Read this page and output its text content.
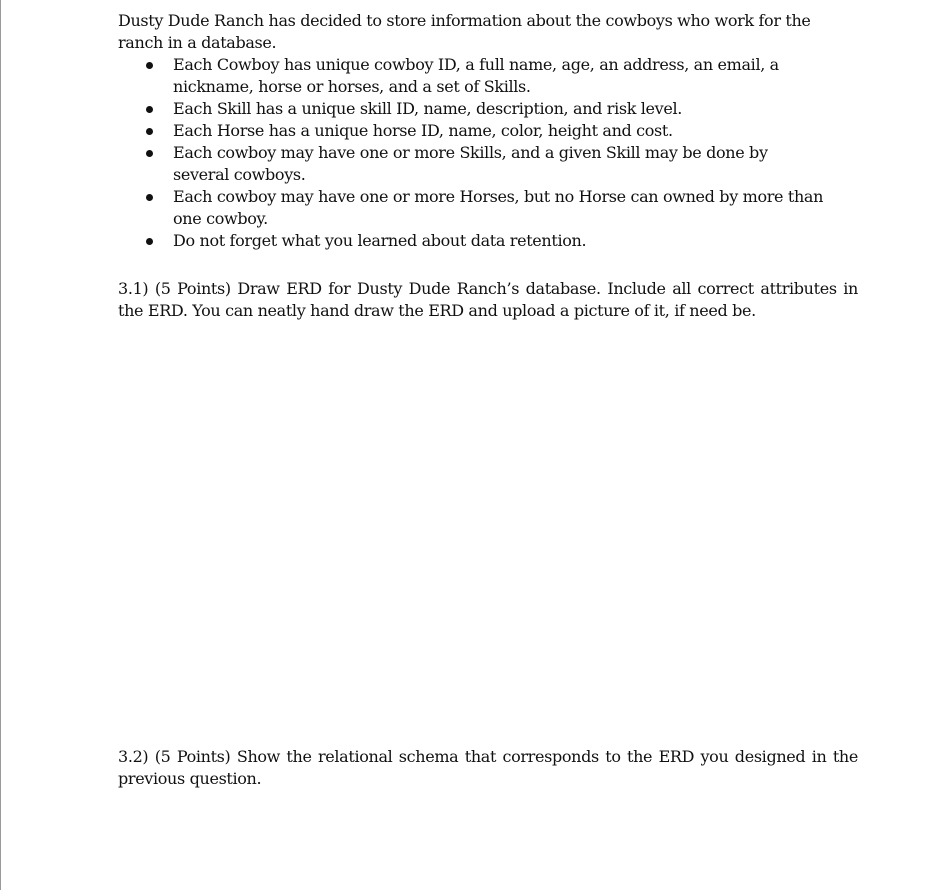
Dusty Dude Ranch has decided to store information about the cowboys who work for the ranch in a database.

Each Cowboy has unique cowboy ID, a full name, age, an address, an email, a nickname, horse or horses, and a set of Skills.
Each Skill has a unique skill ID, name, description, and risk level.
Each Horse has a unique horse ID, name, color, height and cost.
Each cowboy may have one or more Skills, and a given Skill may be done by several cowboys.
Each cowboy may have one or more Horses, but no Horse can owned by more than one cowboy.
Do not forget what you learned about data retention.

3.1) (5 Points) Draw ERD for Dusty Dude Ranch’s database. Include all correct attributes in the ERD. You can neatly hand draw the ERD and upload a picture of it, if need be.

3.2) (5 Points) Show the relational schema that corresponds to the ERD you designed in the previous question.
